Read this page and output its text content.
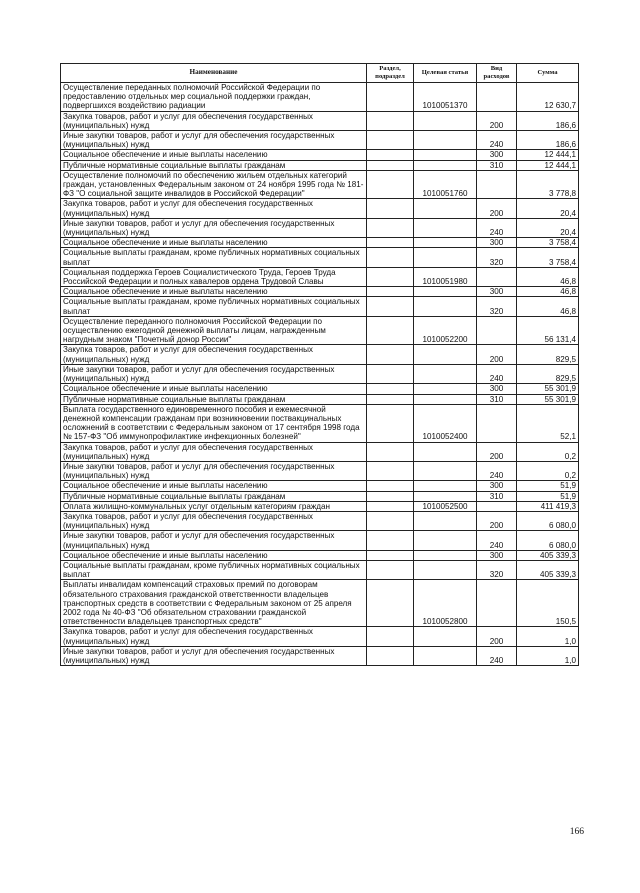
Наименование	Раздел, подраздел	Целевая статья	Вид расходов	Сумма
Осуществление переданных полномочий Российской Федерации по предоставлению отдельных мер социальной поддержки граждан, подвергшихся воздействию радиации		1010051370		12 630,7
Закупка товаров, работ и услуг для обеспечения государственных (муниципальных) нужд			200	186,6
Иные закупки товаров, работ и услуг для обеспечения государственных (муниципальных) нужд			240	186,6
Социальное обеспечение и иные выплаты населению			300	12 444,1
Публичные нормативные социальные выплаты гражданам			310	12 444,1
Осуществление полномочий по обеспечению жильем отдельных категорий граждан, установленных Федеральным законом от 24 ноября 1995 года № 181-ФЗ "О социальной защите инвалидов в Российской Федерации"		1010051760		3 778,8
Закупка товаров, работ и услуг для обеспечения государственных (муниципальных) нужд			200	20,4
Иные закупки товаров, работ и услуг для обеспечения государственных (муниципальных) нужд			240	20,4
Социальное обеспечение и иные выплаты населению			300	3 758,4
Социальные выплаты гражданам, кроме публичных нормативных социальных выплат			320	3 758,4
Социальная поддержка Героев Социалистического Труда, Героев Труда Российской Федерации и полных кавалеров ордена Трудовой Славы		1010051980		46,8
Социальное обеспечение и иные выплаты населению			300	46,8
Социальные выплаты гражданам, кроме публичных нормативных социальных выплат			320	46,8
Осуществление переданного полномочия Российской Федерации по осуществлению ежегодной денежной выплаты лицам, награжденным нагрудным знаком "Почетный донор России"		1010052200		56 131,4
Закупка товаров, работ и услуг для обеспечения государственных (муниципальных) нужд			200	829,5
Иные закупки товаров, работ и услуг для обеспечения государственных (муниципальных) нужд			240	829,5
Социальное обеспечение и иные выплаты населению			300	55 301,9
Публичные нормативные социальные выплаты гражданам			310	55 301,9
Выплата государственного единовременного пособия и ежемесячной денежной компенсации гражданам при возникновении поствакцинальных осложнений в соответствии с Федеральным законом от 17 сентября 1998 года № 157-ФЗ "Об иммунопрофилактике инфекционных болезней"		1010052400		52,1
Закупка товаров, работ и услуг для обеспечения государственных (муниципальных) нужд			200	0,2
Иные закупки товаров, работ и услуг для обеспечения государственных (муниципальных) нужд			240	0,2
Социальное обеспечение и иные выплаты населению			300	51,9
Публичные нормативные социальные выплаты гражданам			310	51,9
Оплата жилищно-коммунальных услуг отдельным категориям граждан		1010052500		411 419,3
Закупка товаров, работ и услуг для обеспечения государственных (муниципальных) нужд			200	6 080,0
Иные закупки товаров, работ и услуг для обеспечения государственных (муниципальных) нужд			240	6 080,0
Социальное обеспечение и иные выплаты населению			300	405 339,3
Социальные выплаты гражданам, кроме публичных нормативных социальных выплат			320	405 339,3
Выплаты инвалидам компенсаций страховых премий по договорам обязательного страхования гражданской ответственности владельцев транспортных средств в соответствии с Федеральным законом от 25 апреля 2002 года № 40-ФЗ "Об обязательном страховании гражданской ответственности владельцев транспортных средств"		1010052800		150,5
Закупка товаров, работ и услуг для обеспечения государственных (муниципальных) нужд			200	1,0
Иные закупки товаров, работ и услуг для обеспечения государственных (муниципальных) нужд			240	1,0
166
